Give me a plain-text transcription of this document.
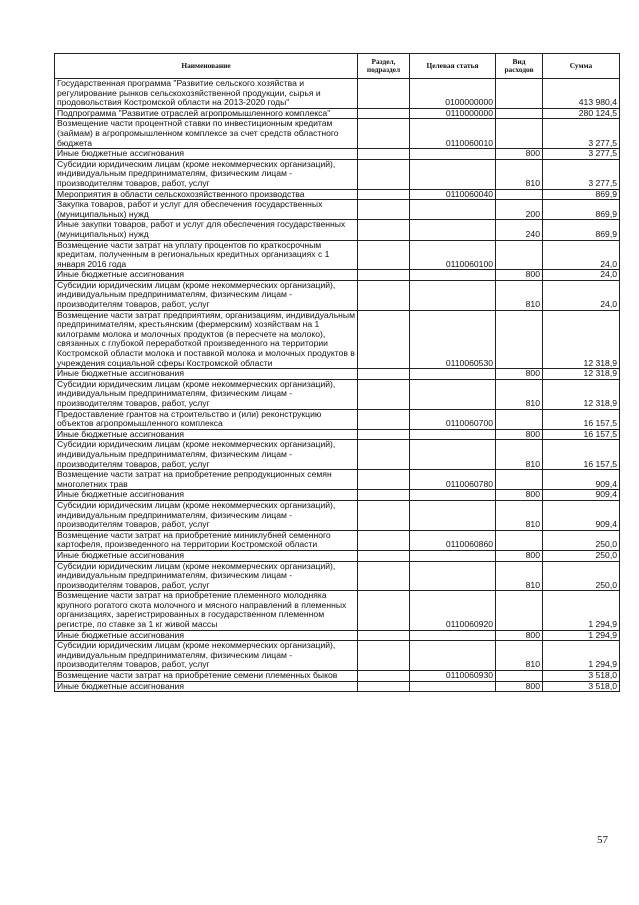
Наименование	Раздел, подраздел	Целевая статья	Вид расходов	Сумма
Государственная программа "Развитие сельского хозяйства и регулирование рынков сельскохозяйственной продукции, сырья и продовольствия Костромской области на 2013-2020 годы"		0100000000		413 980,4
Подпрограмма "Развитие отраслей агропромышленного комплекса"		0110000000		280 124,5
Возмещение части процентной ставки по инвестиционным кредитам (займам) в агропромышленном комплексе за счет средств областного бюджета		0110060010		3 277,5
Иные бюджетные ассигнования			800	3 277,5
Субсидии юридическим лицам (кроме некоммерческих организаций), индивидуальным предпринимателям, физическим лицам - производителям товаров, работ, услуг			810	3 277,5
Мероприятия в области сельскохозяйственного производства		0110060040		869,9
Закупка товаров, работ и услуг для обеспечения государственных (муниципальных) нужд			200	869,9
Иные закупки товаров, работ и услуг для обеспечения государственных (муниципальных) нужд			240	869,9
Возмещение части затрат на уплату процентов по краткосрочным кредитам, полученным в региональных кредитных организациях с 1 января 2016 года		0110060100		24,0
Иные бюджетные ассигнования			800	24,0
Субсидии юридическим лицам (кроме некоммерческих организаций), индивидуальным предпринимателям, физическим лицам - производителям товаров, работ, услуг			810	24,0
Возмещение части затрат предприятиям, организациям, индивидуальным предпринимателям, крестьянским (фермерским) хозяйствам на 1 килограмм молока и молочных продуктов (в пересчете на молоко), связанных с глубокой переработкой произведенного на территории Костромской области молока и поставкой молока и молочных продуктов в учреждения социальной сферы Костромской области		0110060530		12 318,9
Иные бюджетные ассигнования			800	12 318,9
Субсидии юридическим лицам (кроме некоммерческих организаций), индивидуальным предпринимателям, физическим лицам - производителям товаров, работ, услуг			810	12 318,9
Предоставление грантов на строительство и (или) реконструкцию объектов агропромышленного комплекса		0110060700		16 157,5
Иные бюджетные ассигнования			800	16 157,5
Субсидии юридическим лицам (кроме некоммерческих организаций), индивидуальным предпринимателям, физическим лицам - производителям товаров, работ, услуг			810	16 157,5
Возмещение части затрат на приобретение репродукционных семян многолетних трав		0110060780		909,4
Иные бюджетные ассигнования			800	909,4
Субсидии юридическим лицам (кроме некоммерческих организаций), индивидуальным предпринимателям, физическим лицам - производителям товаров, работ, услуг			810	909,4
Возмещение части затрат на приобретение миниклубней семенного картофеля, произведенного на территории Костромской области		0110060860		250,0
Иные бюджетные ассигнования			800	250,0
Субсидии юридическим лицам (кроме некоммерческих организаций), индивидуальным предпринимателям, физическим лицам - производителям товаров, работ, услуг			810	250,0
Возмещение части затрат на приобретение племенного молодняка крупного рогатого скота молочного и мясного направлений в племенных организациях, зарегистрированных в государственном племенном регистре, по ставке за 1 кг живой массы		0110060920		1 294,9
Иные бюджетные ассигнования			800	1 294,9
Субсидии юридическим лицам (кроме некоммерческих организаций), индивидуальным предпринимателям, физическим лицам - производителям товаров, работ, услуг			810	1 294,9
Возмещение части затрат на приобретение семени племенных быков		0110060930		3 518,0
Иные бюджетные ассигнования			800	3 518,0
57
